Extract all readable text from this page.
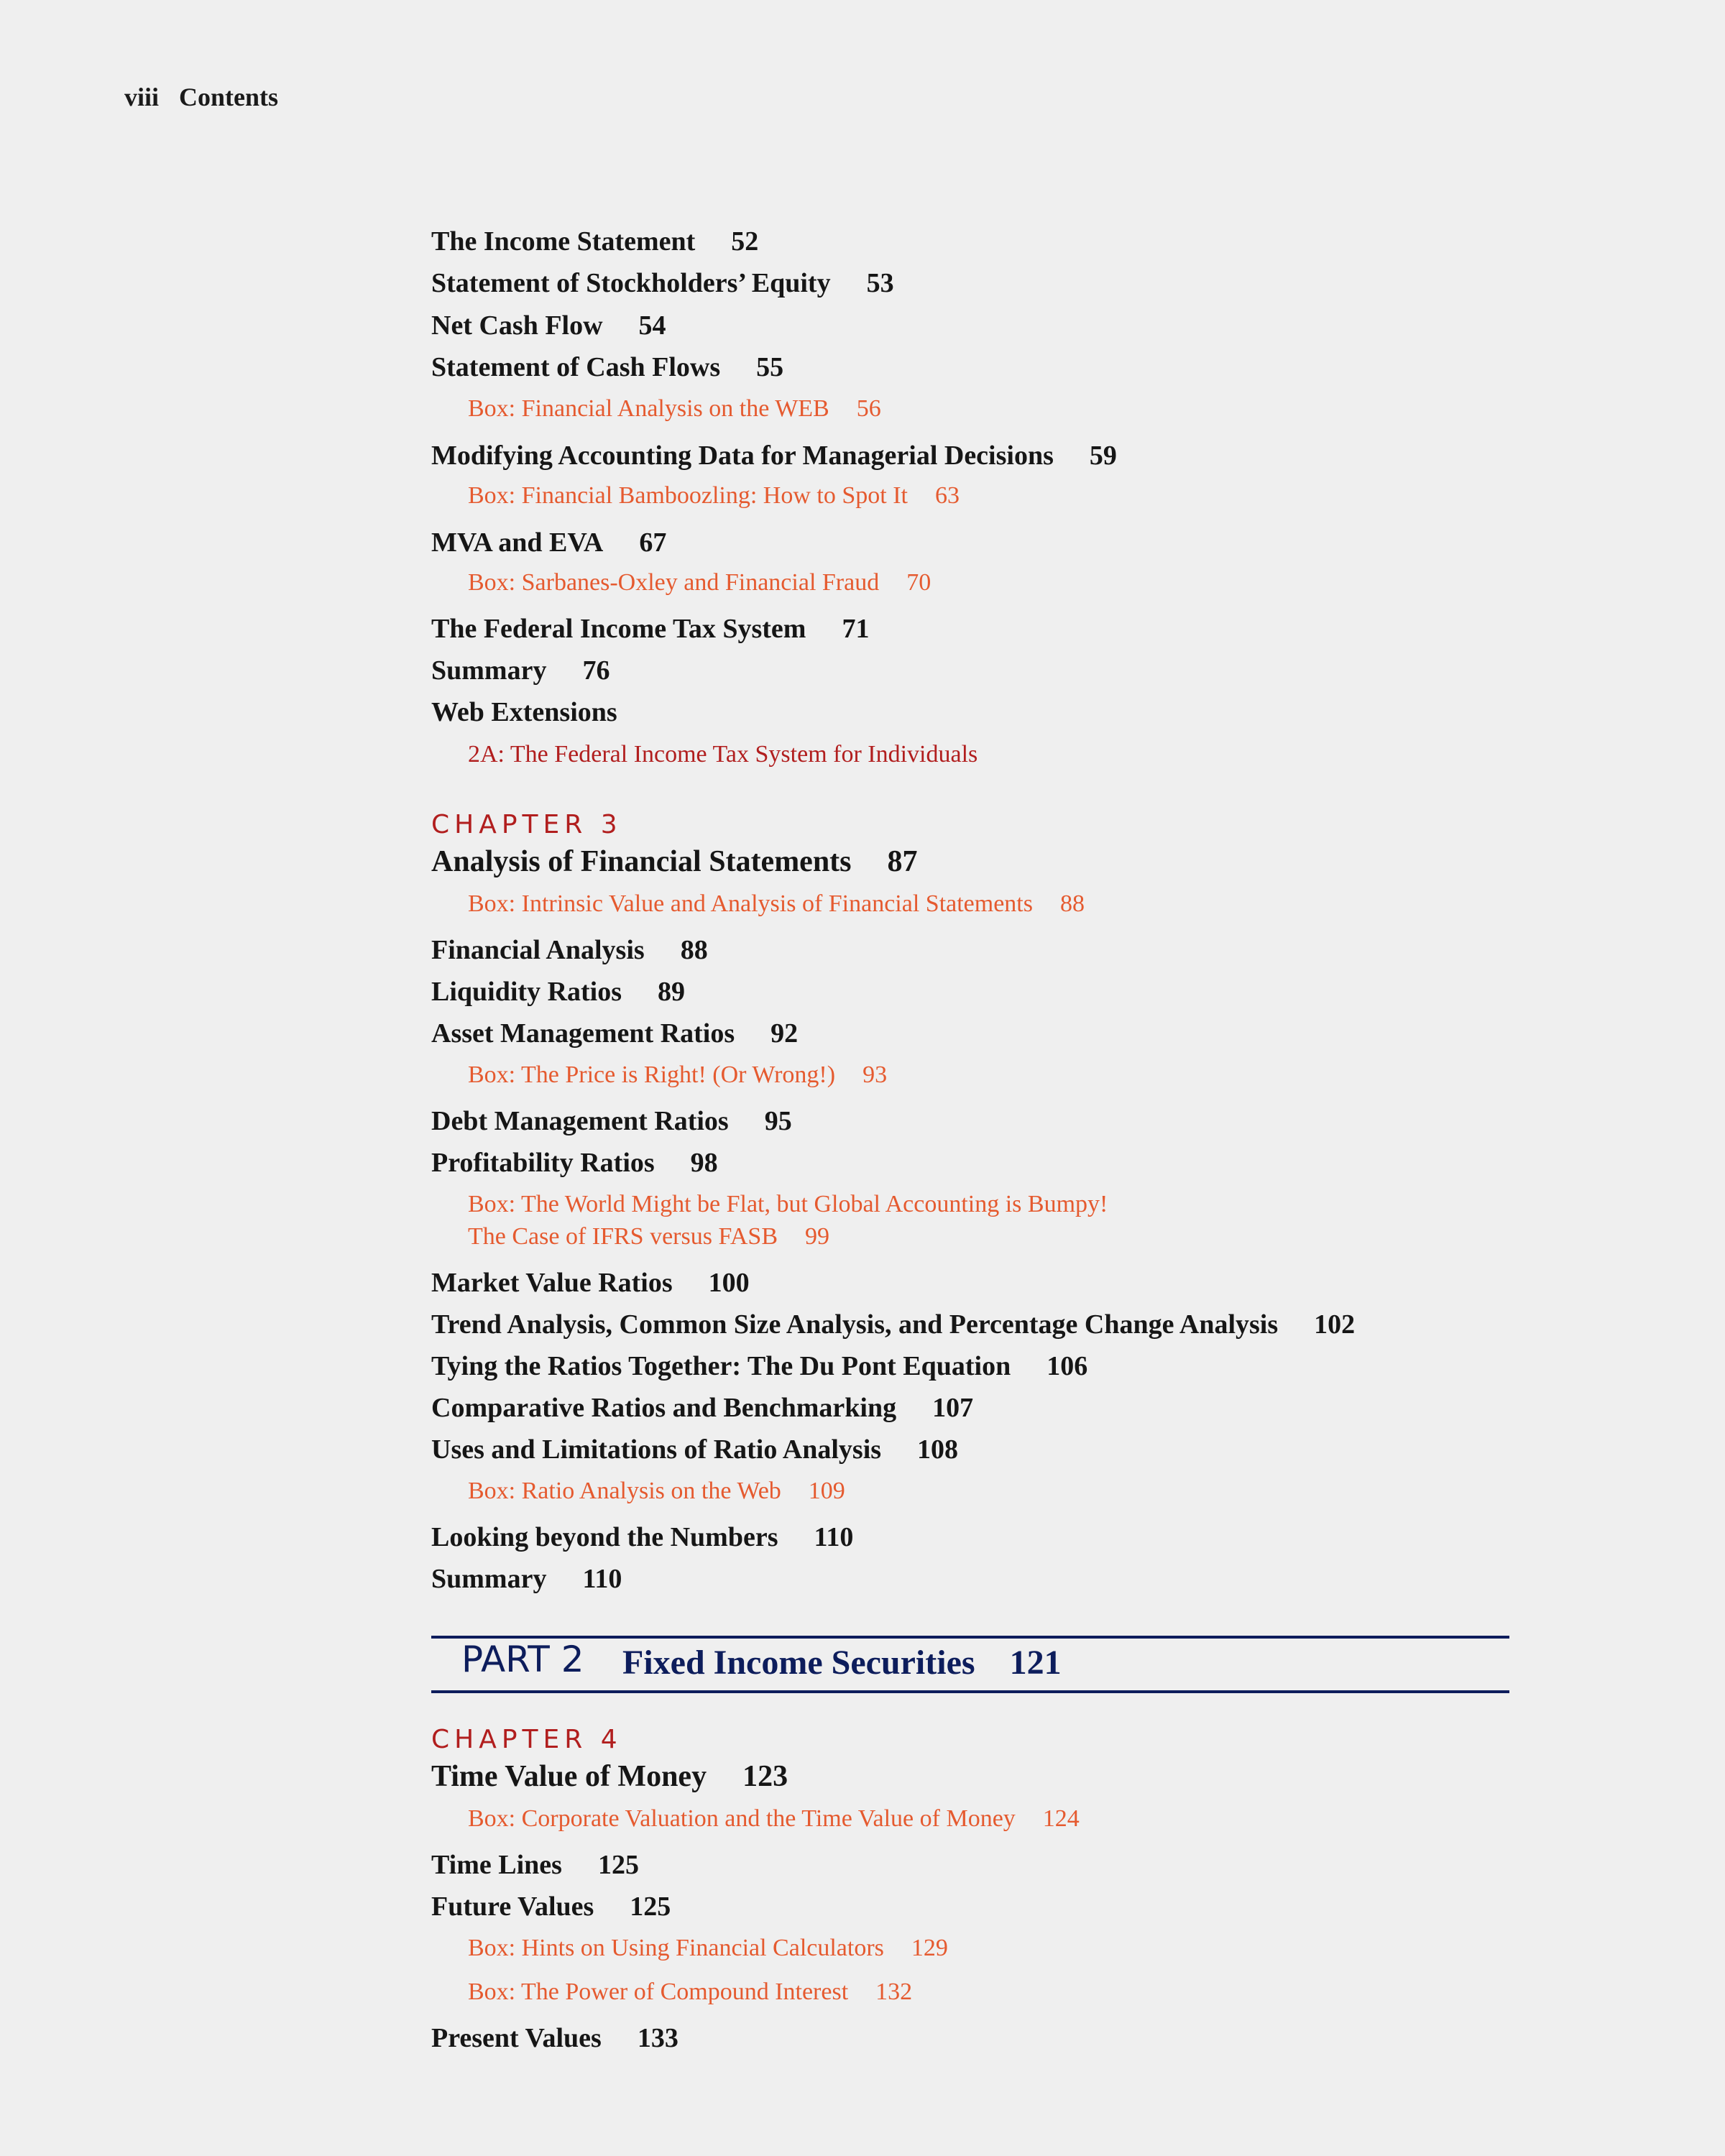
viii Contents
The Income Statement 52
Statement of Stockholders’ Equity 53
Net Cash Flow 54
Statement of Cash Flows 55
Box: Financial Analysis on the WEB 56
Modifying Accounting Data for Managerial Decisions 59
Box: Financial Bamboozling: How to Spot It 63
MVA and EVA 67
Box: Sarbanes-Oxley and Financial Fraud 70
The Federal Income Tax System 71
Summary 76
Web Extensions
2A: The Federal Income Tax System for Individuals
CHAPTER 3
Analysis of Financial Statements 87
Box: Intrinsic Value and Analysis of Financial Statements 88
Financial Analysis 88
Liquidity Ratios 89
Asset Management Ratios 92
Box: The Price is Right! (Or Wrong!) 93
Debt Management Ratios 95
Profitability Ratios 98
Box: The World Might be Flat, but Global Accounting is Bumpy!
The Case of IFRS versus FASB 99
Market Value Ratios 100
Trend Analysis, Common Size Analysis, and Percentage Change Analysis 102
Tying the Ratios Together: The Du Pont Equation 106
Comparative Ratios and Benchmarking 107
Uses and Limitations of Ratio Analysis 108
Box: Ratio Analysis on the Web 109
Looking beyond the Numbers 110
Summary 110
CHAPTER 4
Time Value of Money 123
Box: Corporate Valuation and the Time Value of Money 124
Time Lines 125
Future Values 125
Box: Hints on Using Financial Calculators 129
Box: The Power of Compound Interest 132
Present Values 133
PART 2 Fixed Income Securities 121
